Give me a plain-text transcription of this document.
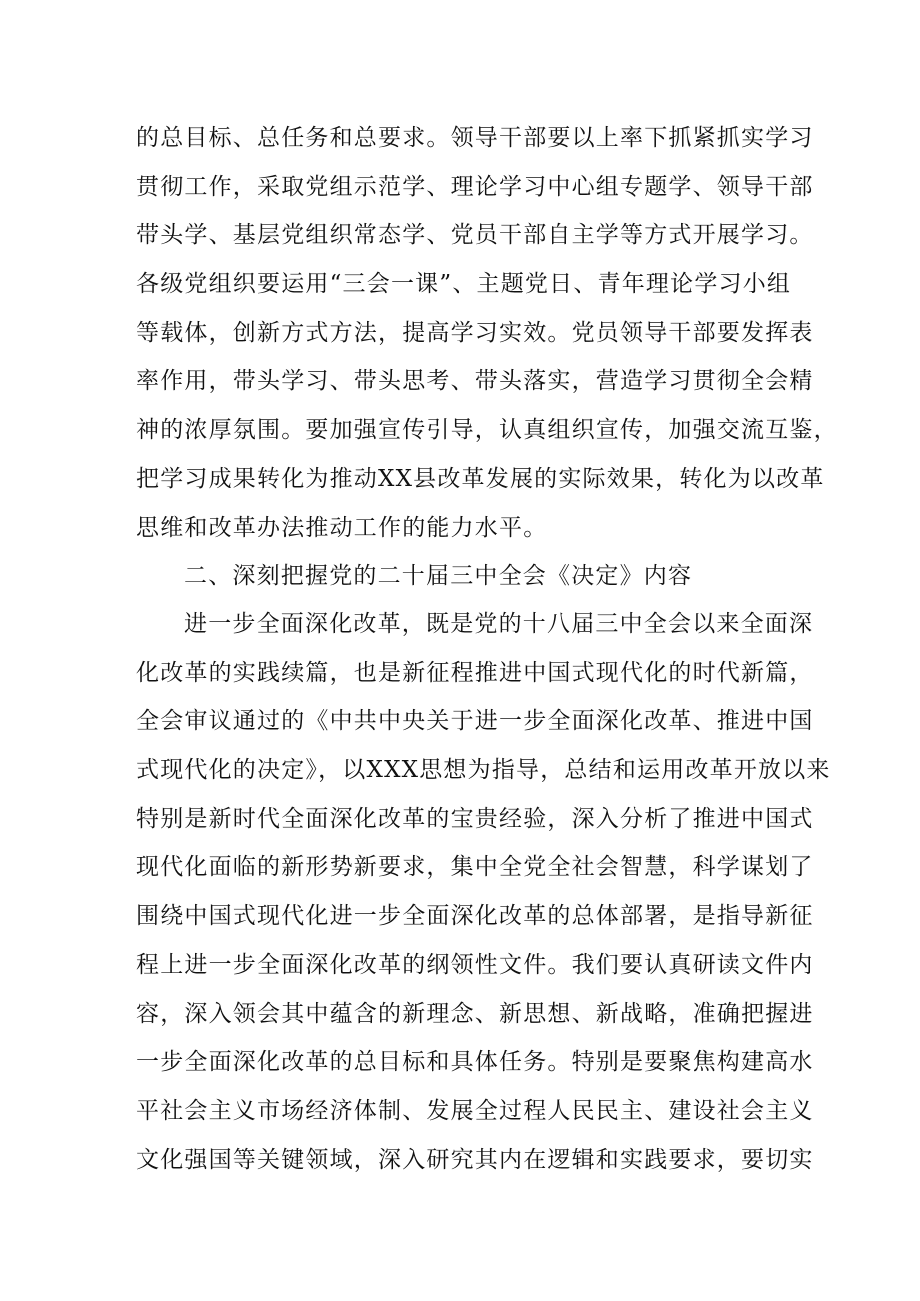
的总目标、总任务和总要求。领导干部要以上率下抓紧抓实学习
贯彻工作，采取党组示范学、理论学习中心组专题学、领导干部
带头学、基层党组织常态学、党员干部自主学等方式开展学习。
各级党组织要运用“三会一课”、主题党日、青年理论学习小组
等载体，创新方式方法，提高学习实效。党员领导干部要发挥表
率作用，带头学习、带头思考、带头落实，营造学习贯彻全会精
神的浓厚氛围。要加强宣传引导，认真组织宣传，加强交流互鉴，
把学习成果转化为推动XX县改革发展的实际效果，转化为以改革
思维和改革办法推动工作的能力水平。
二、深刻把握党的二十届三中全会《决定》内容
进一步全面深化改革，既是党的十八届三中全会以来全面深
化改革的实践续篇，也是新征程推进中国式现代化的时代新篇，
全会审议通过的《中共中央关于进一步全面深化改革、推进中国
式现代化的决定》，以XXX思想为指导，总结和运用改革开放以来
特别是新时代全面深化改革的宝贵经验，深入分析了推进中国式
现代化面临的新形势新要求，集中全党全社会智慧，科学谋划了
围绕中国式现代化进一步全面深化改革的总体部署，是指导新征
程上进一步全面深化改革的纲领性文件。我们要认真研读文件内
容，深入领会其中蕴含的新理念、新思想、新战略，准确把握进
一步全面深化改革的总目标和具体任务。特别是要聚焦构建高水
平社会主义市场经济体制、发展全过程人民民主、建设社会主义
文化强国等关键领域，深入研究其内在逻辑和实践要求，要切实
